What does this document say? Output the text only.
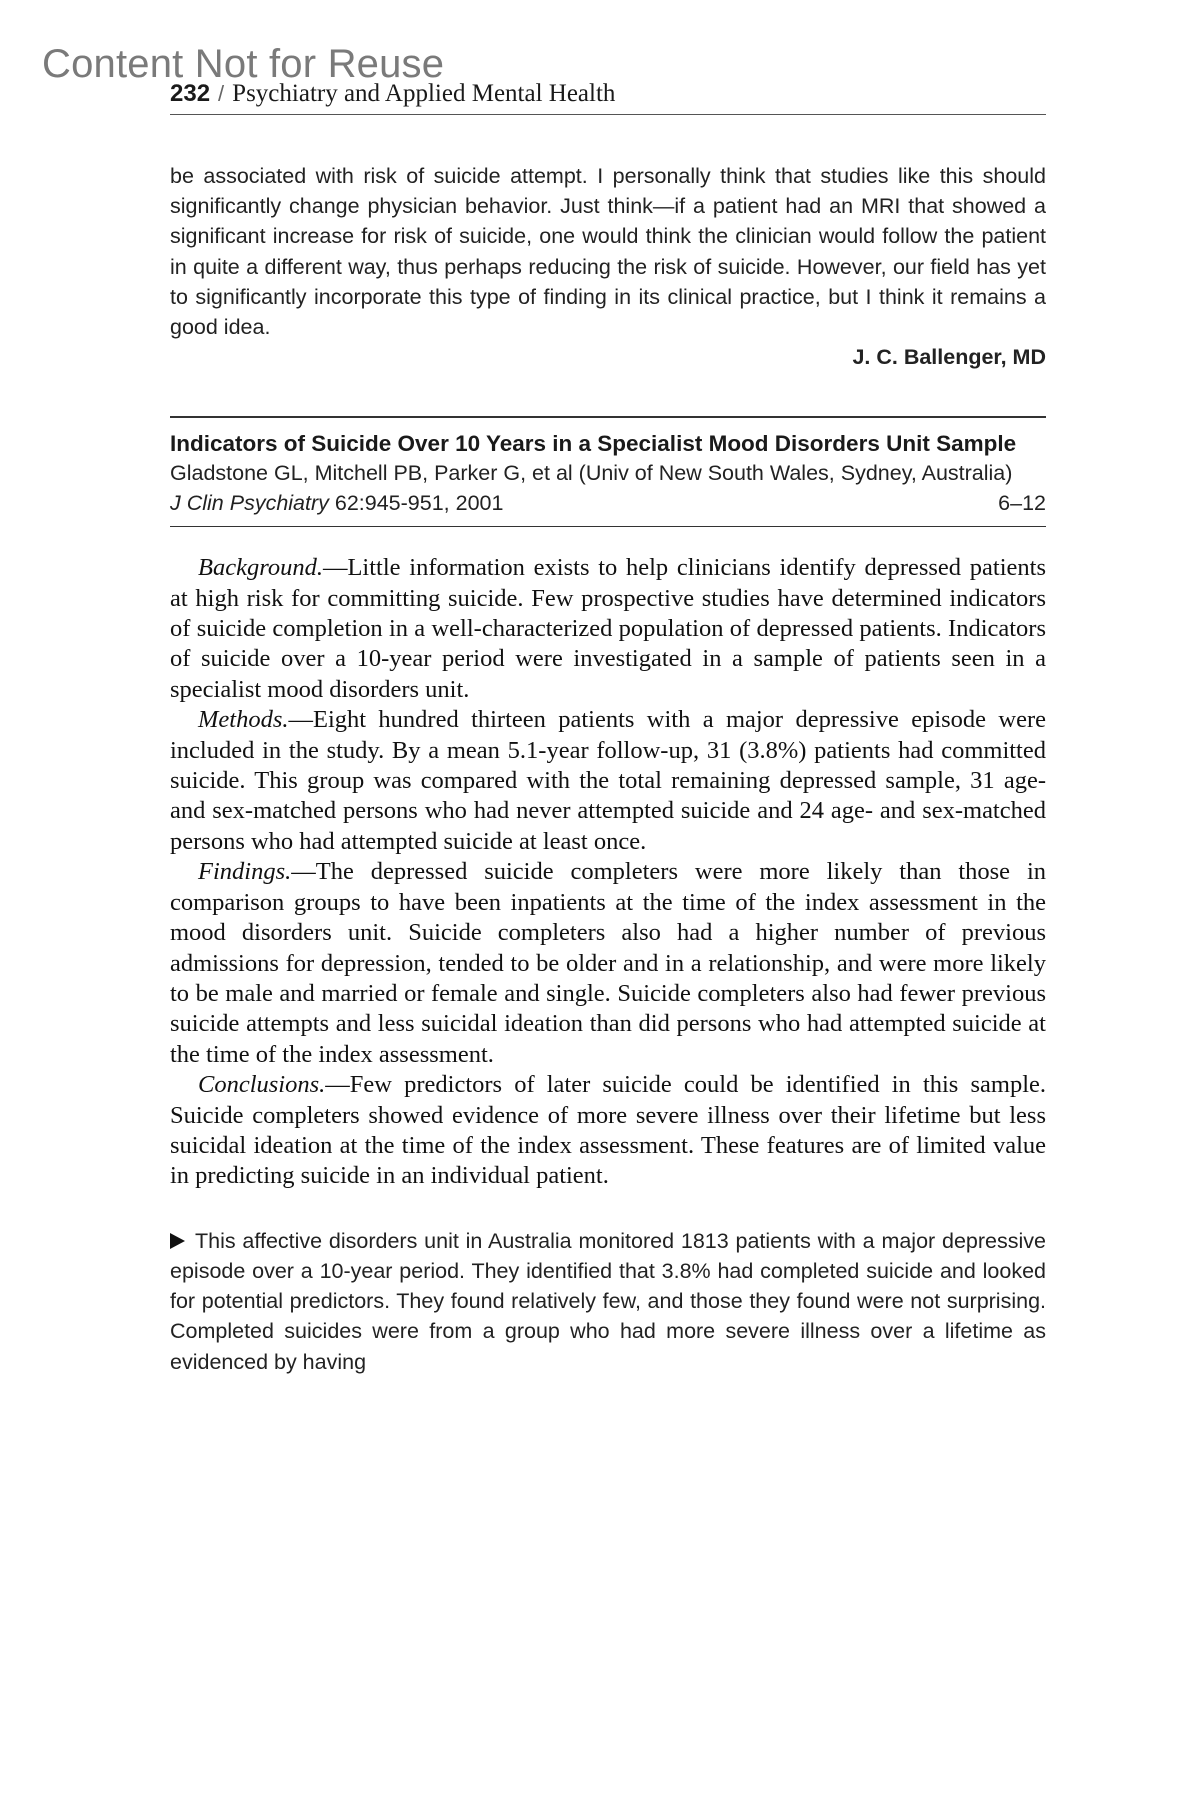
Content Not for Reuse
232 / Psychiatry and Applied Mental Health

be associated with risk of suicide attempt. I personally think that studies like this should significantly change physician behavior. Just think—if a patient had an MRI that showed a significant increase for risk of suicide, one would think the clinician would follow the patient in quite a different way, thus perhaps reducing the risk of suicide. However, our field has yet to significantly incorporate this type of finding in its clinical practice, but I think it remains a good idea.

J. C. Ballenger, MD
Indicators of Suicide Over 10 Years in a Specialist Mood Disorders Unit Sample
Gladstone GL, Mitchell PB, Parker G, et al (Univ of New South Wales, Sydney, Australia)
J Clin Psychiatry 62:945-951, 2001	6–12

Background.—Little information exists to help clinicians identify depressed patients at high risk for committing suicide. Few prospective studies have determined indicators of suicide completion in a well-characterized population of depressed patients. Indicators of suicide over a 10-year period were investigated in a sample of patients seen in a specialist mood disorders unit.

Methods.—Eight hundred thirteen patients with a major depressive episode were included in the study. By a mean 5.1-year follow-up, 31 (3.8%) patients had committed suicide. This group was compared with the total remaining depressed sample, 31 age- and sex-matched persons who had never attempted suicide and 24 age- and sex-matched persons who had attempted suicide at least once.

Findings.—The depressed suicide completers were more likely than those in comparison groups to have been inpatients at the time of the index assessment in the mood disorders unit. Suicide completers also had a higher number of previous admissions for depression, tended to be older and in a relationship, and were more likely to be male and married or female and single. Suicide completers also had fewer previous suicide attempts and less suicidal ideation than did persons who had attempted suicide at the time of the index assessment.

Conclusions.—Few predictors of later suicide could be identified in this sample. Suicide completers showed evidence of more severe illness over their lifetime but less suicidal ideation at the time of the index assessment. These features are of limited value in predicting suicide in an individual patient.

This affective disorders unit in Australia monitored 1813 patients with a major depressive episode over a 10-year period. They identified that 3.8% had completed suicide and looked for potential predictors. They found relatively few, and those they found were not surprising. Completed suicides were from a group who had more severe illness over a lifetime as evidenced by having
